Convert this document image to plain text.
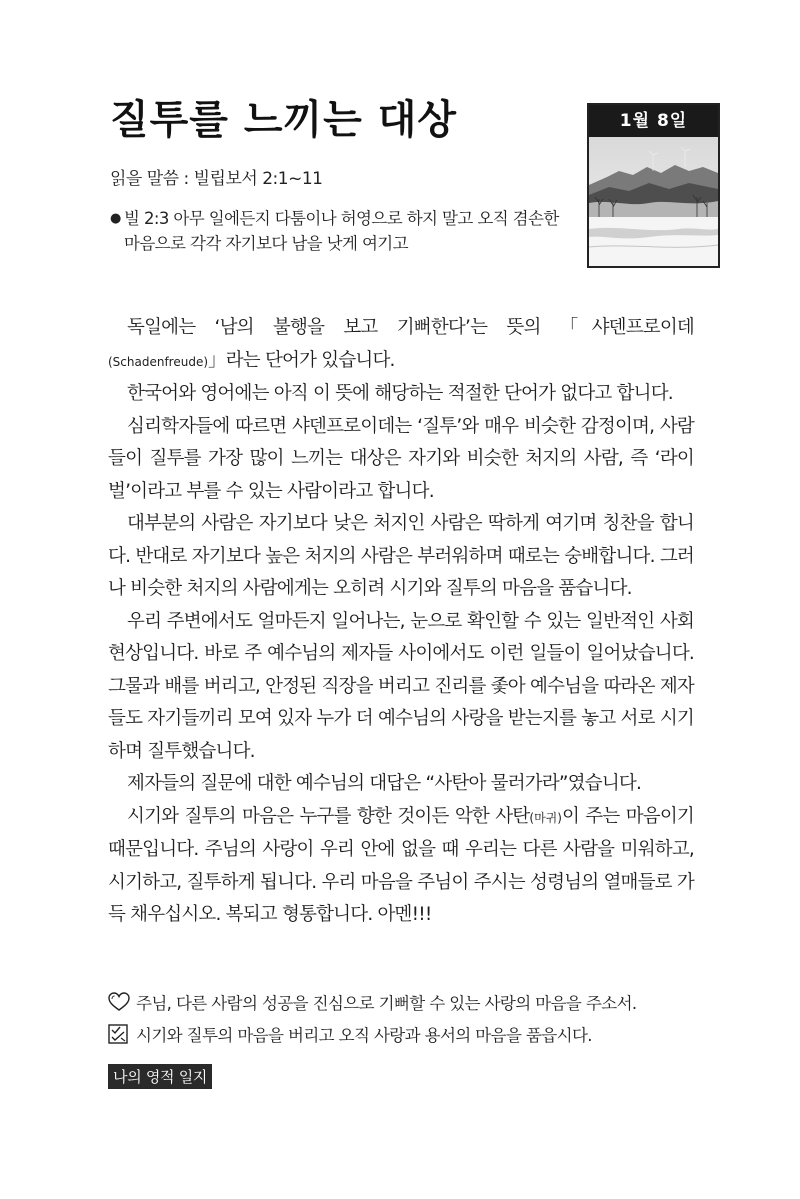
질투를 느끼는 대상
읽을 말씀 : 빌립보서 2:1~11
● 빌 2:3 아무 일에든지 다툼이나 허영으로 하지 말고 오직 겸손한
마음으로 각각 자기보다 남을 낫게 여기고
1월 8일

독일에는 ‘남의 불행을 보고 기뻐한다’는 뜻의 「샤덴프로이데(Schadenfreude)」라는 단어가 있습니다.

한국어와 영어에는 아직 이 뜻에 해당하는 적절한 단어가 없다고 합니다.

심리학자들에 따르면 샤덴프로이데는 ‘질투’와 매우 비슷한 감정이며, 사람들이 질투를 가장 많이 느끼는 대상은 자기와 비슷한 처지의 사람, 즉 ‘라이벌’이라고 부를 수 있는 사람이라고 합니다.

대부분의 사람은 자기보다 낮은 처지인 사람은 딱하게 여기며 칭찬을 합니다. 반대로 자기보다 높은 처지의 사람은 부러워하며 때로는 숭배합니다. 그러나 비슷한 처지의 사람에게는 오히려 시기와 질투의 마음을 품습니다.

우리 주변에서도 얼마든지 일어나는, 눈으로 확인할 수 있는 일반적인 사회현상입니다. 바로 주 예수님의 제자들 사이에서도 이런 일들이 일어났습니다. 그물과 배를 버리고, 안정된 직장을 버리고 진리를 좇아 예수님을 따라온 제자들도 자기들끼리 모여 있자 누가 더 예수님의 사랑을 받는지를 놓고 서로 시기하며 질투했습니다.

제자들의 질문에 대한 예수님의 대답은 “사탄아 물러가라”였습니다.

시기와 질투의 마음은 누구를 향한 것이든 악한 사탄(마귀)이 주는 마음이기 때문입니다. 주님의 사랑이 우리 안에 없을 때 우리는 다른 사람을 미워하고, 시기하고, 질투하게 됩니다. 우리 마음을 주님이 주시는 성령님의 열매들로 가득 채우십시오. 복되고 형통합니다. 아멘!!!

주님, 다른 사람의 성공을 진심으로 기뻐할 수 있는 사랑의 마음을 주소서.
시기와 질투의 마음을 버리고 오직 사랑과 용서의 마음을 품읍시다.
나의 영적 일지
